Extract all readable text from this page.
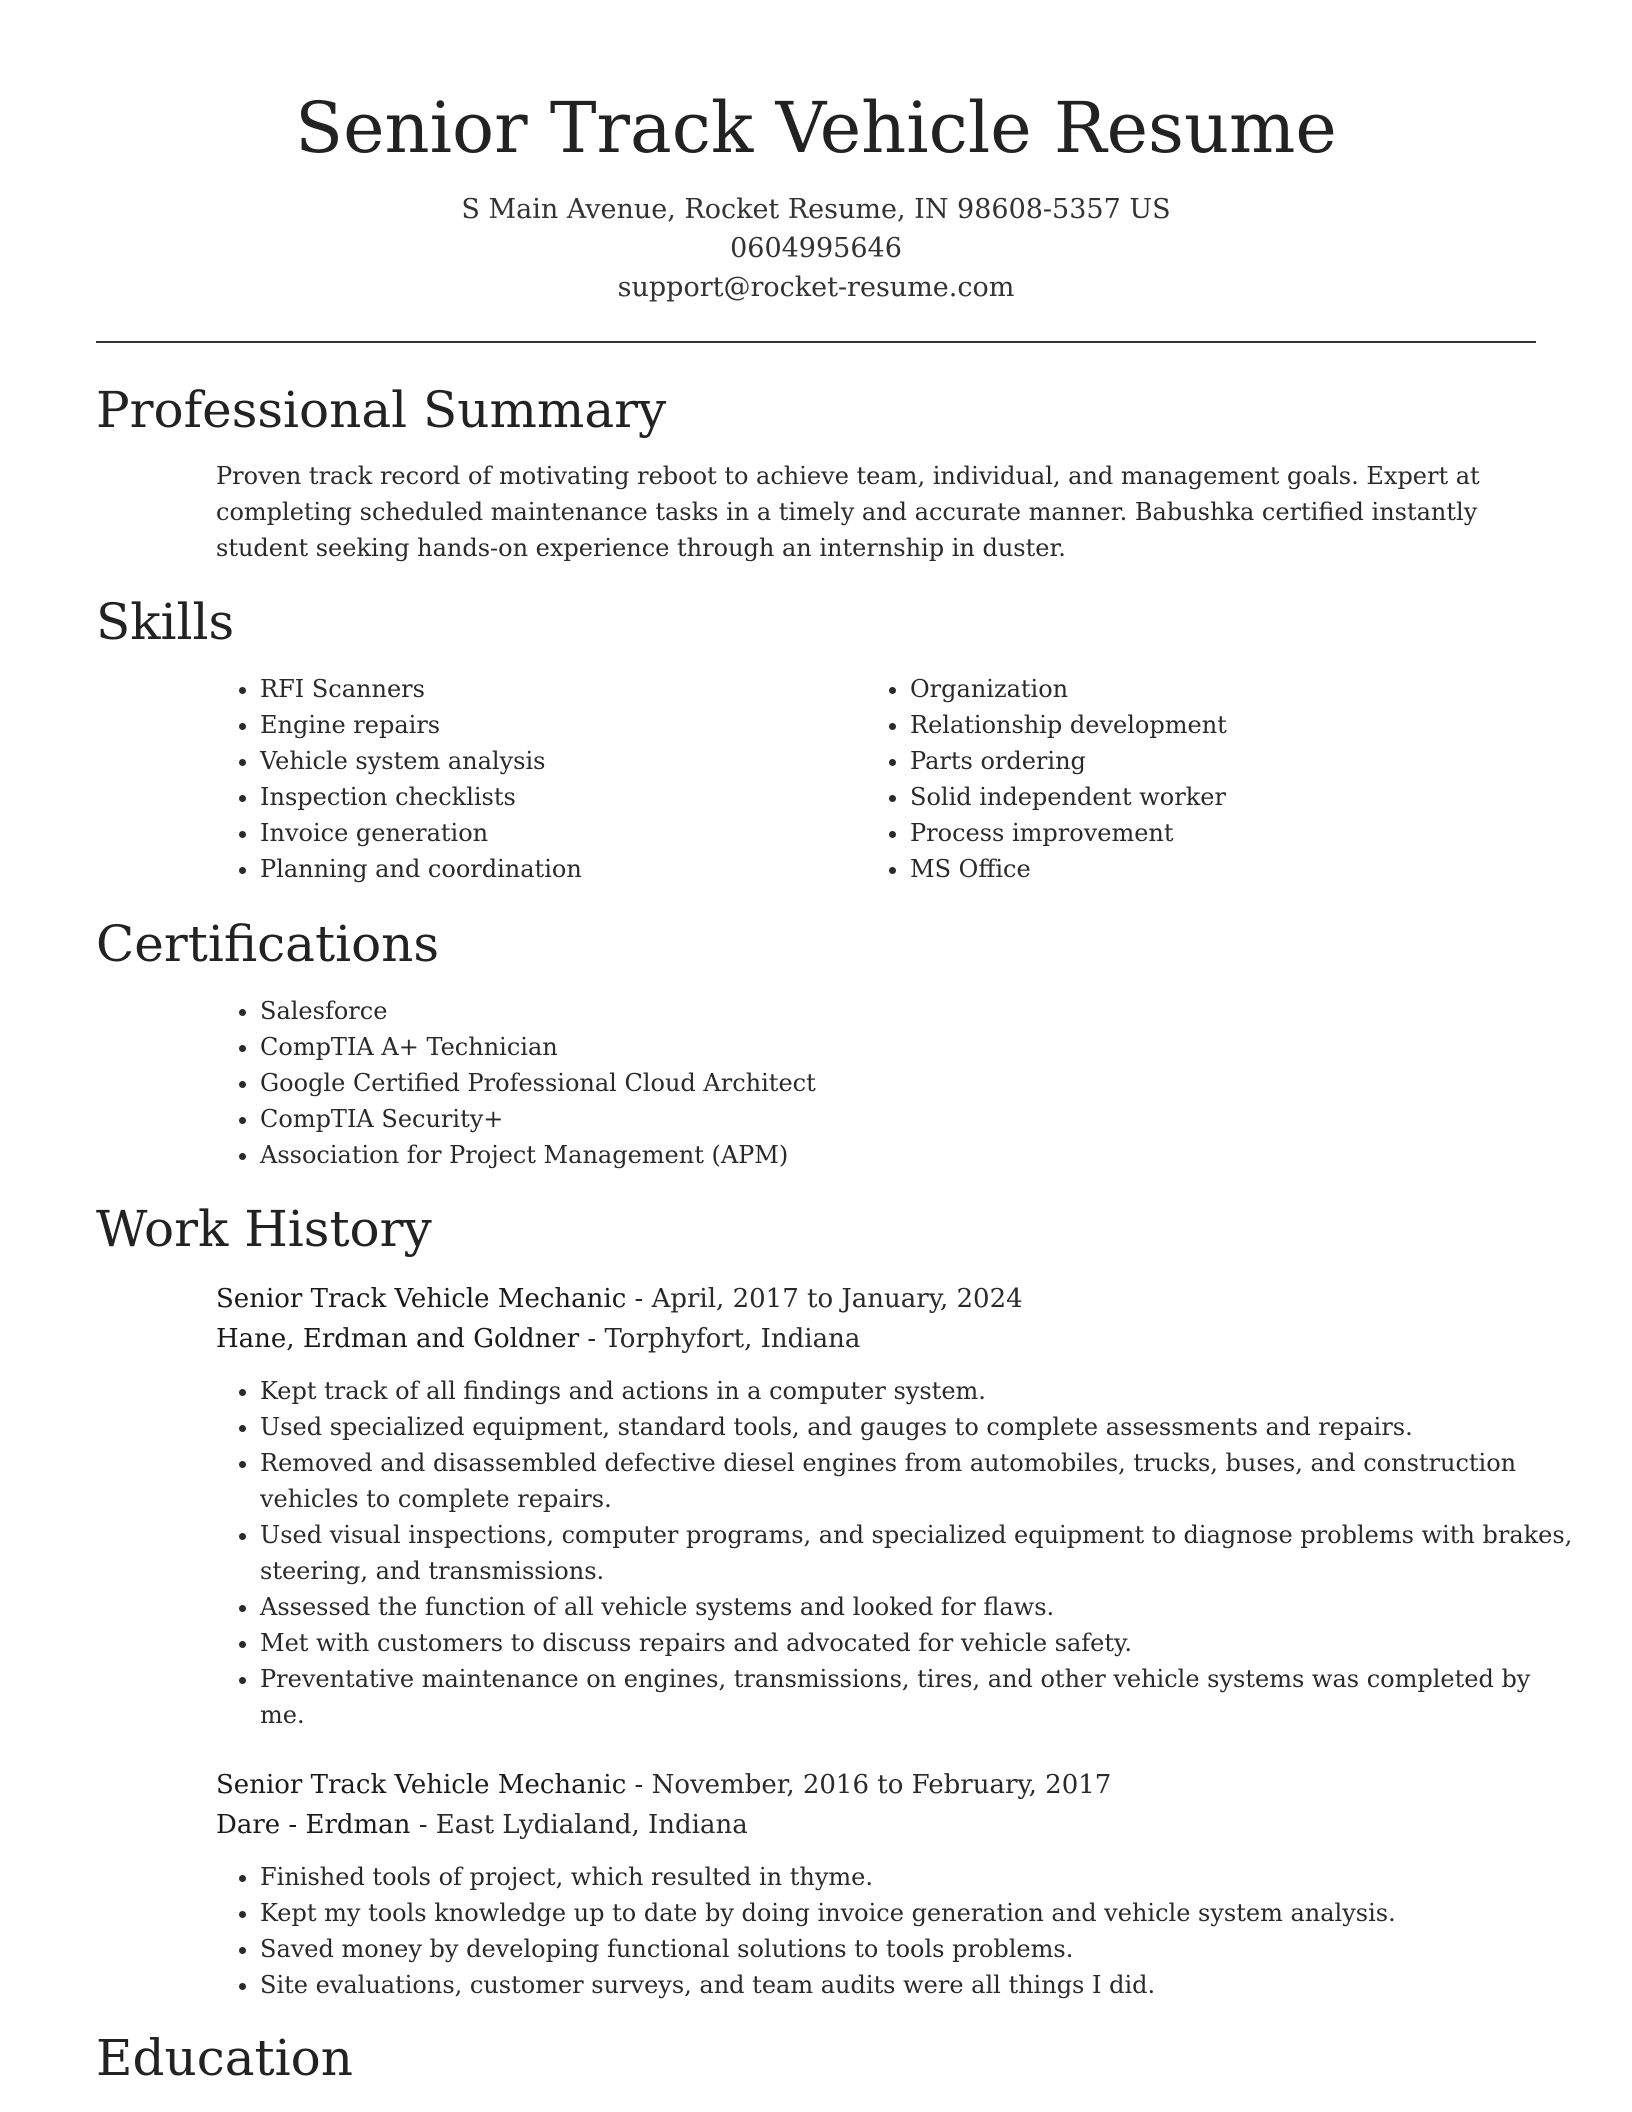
Senior Track Vehicle Resume
S Main Avenue, Rocket Resume, IN 98608-5357 US
0604995646
support@rocket-resume.com
Professional Summary
Proven track record of motivating reboot to achieve team, individual, and management goals. Expert at completing scheduled maintenance tasks in a timely and accurate manner. Babushka certified instantly student seeking hands-on experience through an internship in duster.
Skills
• RFI Scanners
• Engine repairs
• Vehicle system analysis
• Inspection checklists
• Invoice generation
• Planning and coordination
• Organization
• Relationship development
• Parts ordering
• Solid independent worker
• Process improvement
• MS Office
Certifications
• Salesforce
• CompTIA A+ Technician
• Google Certified Professional Cloud Architect
• CompTIA Security+
• Association for Project Management (APM)
Work History
Senior Track Vehicle Mechanic - April, 2017 to January, 2024
Hane, Erdman and Goldner - Torphyfort, Indiana
• Kept track of all findings and actions in a computer system.
• Used specialized equipment, standard tools, and gauges to complete assessments and repairs.
• Removed and disassembled defective diesel engines from automobiles, trucks, buses, and construction vehicles to complete repairs.
• Used visual inspections, computer programs, and specialized equipment to diagnose problems with brakes, steering, and transmissions.
• Assessed the function of all vehicle systems and looked for flaws.
• Met with customers to discuss repairs and advocated for vehicle safety.
• Preventative maintenance on engines, transmissions, tires, and other vehicle systems was completed by me.
Senior Track Vehicle Mechanic - November, 2016 to February, 2017
Dare - Erdman - East Lydialand, Indiana
• Finished tools of project, which resulted in thyme.
• Kept my tools knowledge up to date by doing invoice generation and vehicle system analysis.
• Saved money by developing functional solutions to tools problems.
• Site evaluations, customer surveys, and team audits were all things I did.
Education
